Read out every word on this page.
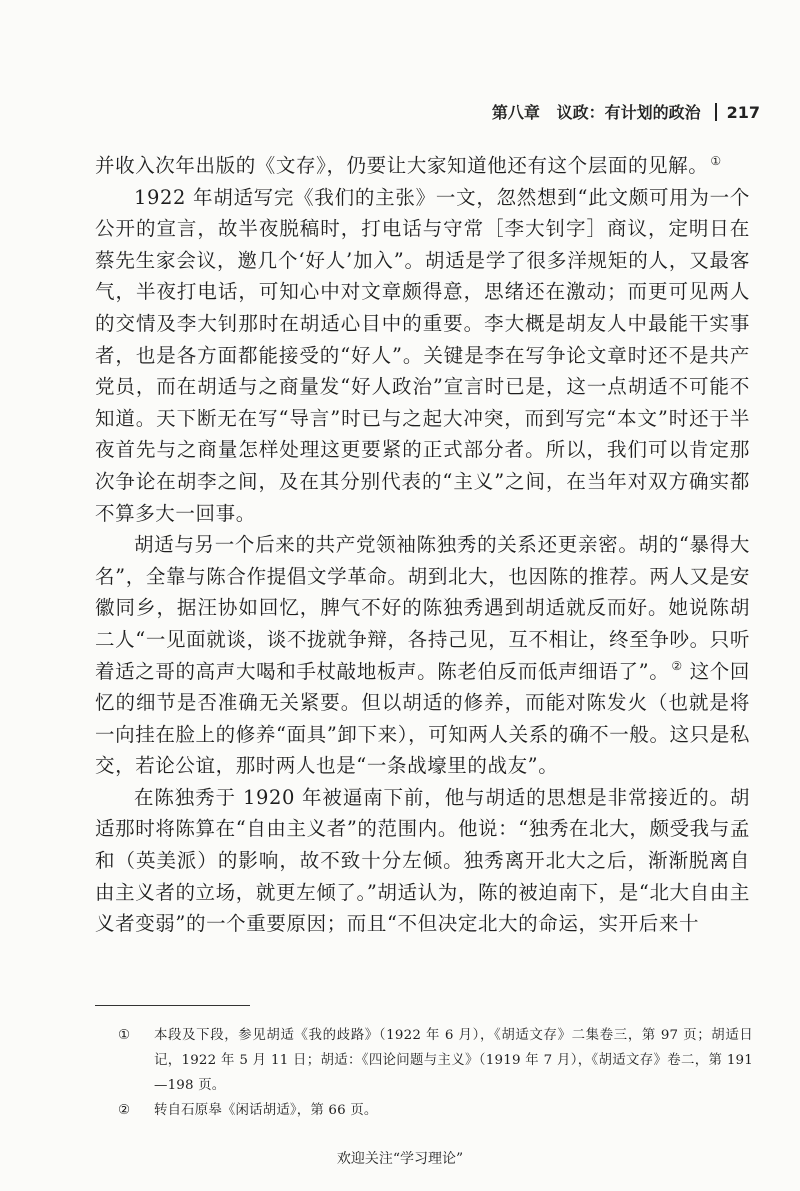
第八章 议政：有计划的政治 217

并收入次年出版的《文存》，仍要让大家知道他还有这个层面的见解。 ①

1922 年胡适写完《我们的主张》一文，忽然想到“此文颇可用为一个公开的宣言，故半夜脱稿时，打电话与守常［李大钊字］商议，定明日在蔡先生家会议，邀几个‘好人’加入”。胡适是学了很多洋规矩的人，又最客气，半夜打电话，可知心中对文章颇得意，思绪还在激动；而更可见两人的交情及李大钊那时在胡适心目中的重要。李大概是胡友人中最能干实事者，也是各方面都能接受的“好人”。关键是李在写争论文章时还不是共产党员，而在胡适与之商量发“好人政治”宣言时已是，这一点胡适不可能不知道。天下断无在写“导言”时已与之起大冲突，而到写完“本文”时还于半夜首先与之商量怎样处理这更要紧的正式部分者。所以，我们可以肯定那次争论在胡李之间，及在其分别代表的“主义”之间，在当年对双方确实都不算多大一回事。

胡适与另一个后来的共产党领袖陈独秀的关系还更亲密。胡的“暴得大名”，全靠与陈合作提倡文学革命。胡到北大，也因陈的推荐。两人又是安徽同乡，据汪协如回忆，脾气不好的陈独秀遇到胡适就反而好。她说陈胡二人“一见面就谈，谈不拢就争辩，各持己见，互不相让，终至争吵。只听着适之哥的高声大喝和手杖敲地板声。陈老伯反而低声细语了”。 ② 这个回忆的细节是否准确无关紧要。但以胡适的修养，而能对陈发火（也就是将一向挂在脸上的修养“面具”卸下来），可知两人关系的确不一般。这只是私交，若论公谊，那时两人也是“一条战壕里的战友”。

在陈独秀于 1920 年被逼南下前，他与胡适的思想是非常接近的。胡适那时将陈算在“自由主义者”的范围内。他说：“独秀在北大，颇受我与孟和（英美派）的影响，故不致十分左倾。独秀离开北大之后，渐渐脱离自由主义者的立场，就更左倾了。”胡适认为，陈的被迫南下，是“北大自由主义者变弱”的一个重要原因；而且“不但决定北大的命运，实开后来十

①	本段及下段，参见胡适《我的歧路》（1922 年 6 月），《胡适文存》二集卷三，第 97 页；胡适日记，1922 年 5 月 11 日；胡适：《四论问题与主义》（1919 年 7 月），《胡适文存》卷二，第 191—198 页。
②	转自石原皋《闲话胡适》，第 66 页。
欢迎关注“学习理论”
